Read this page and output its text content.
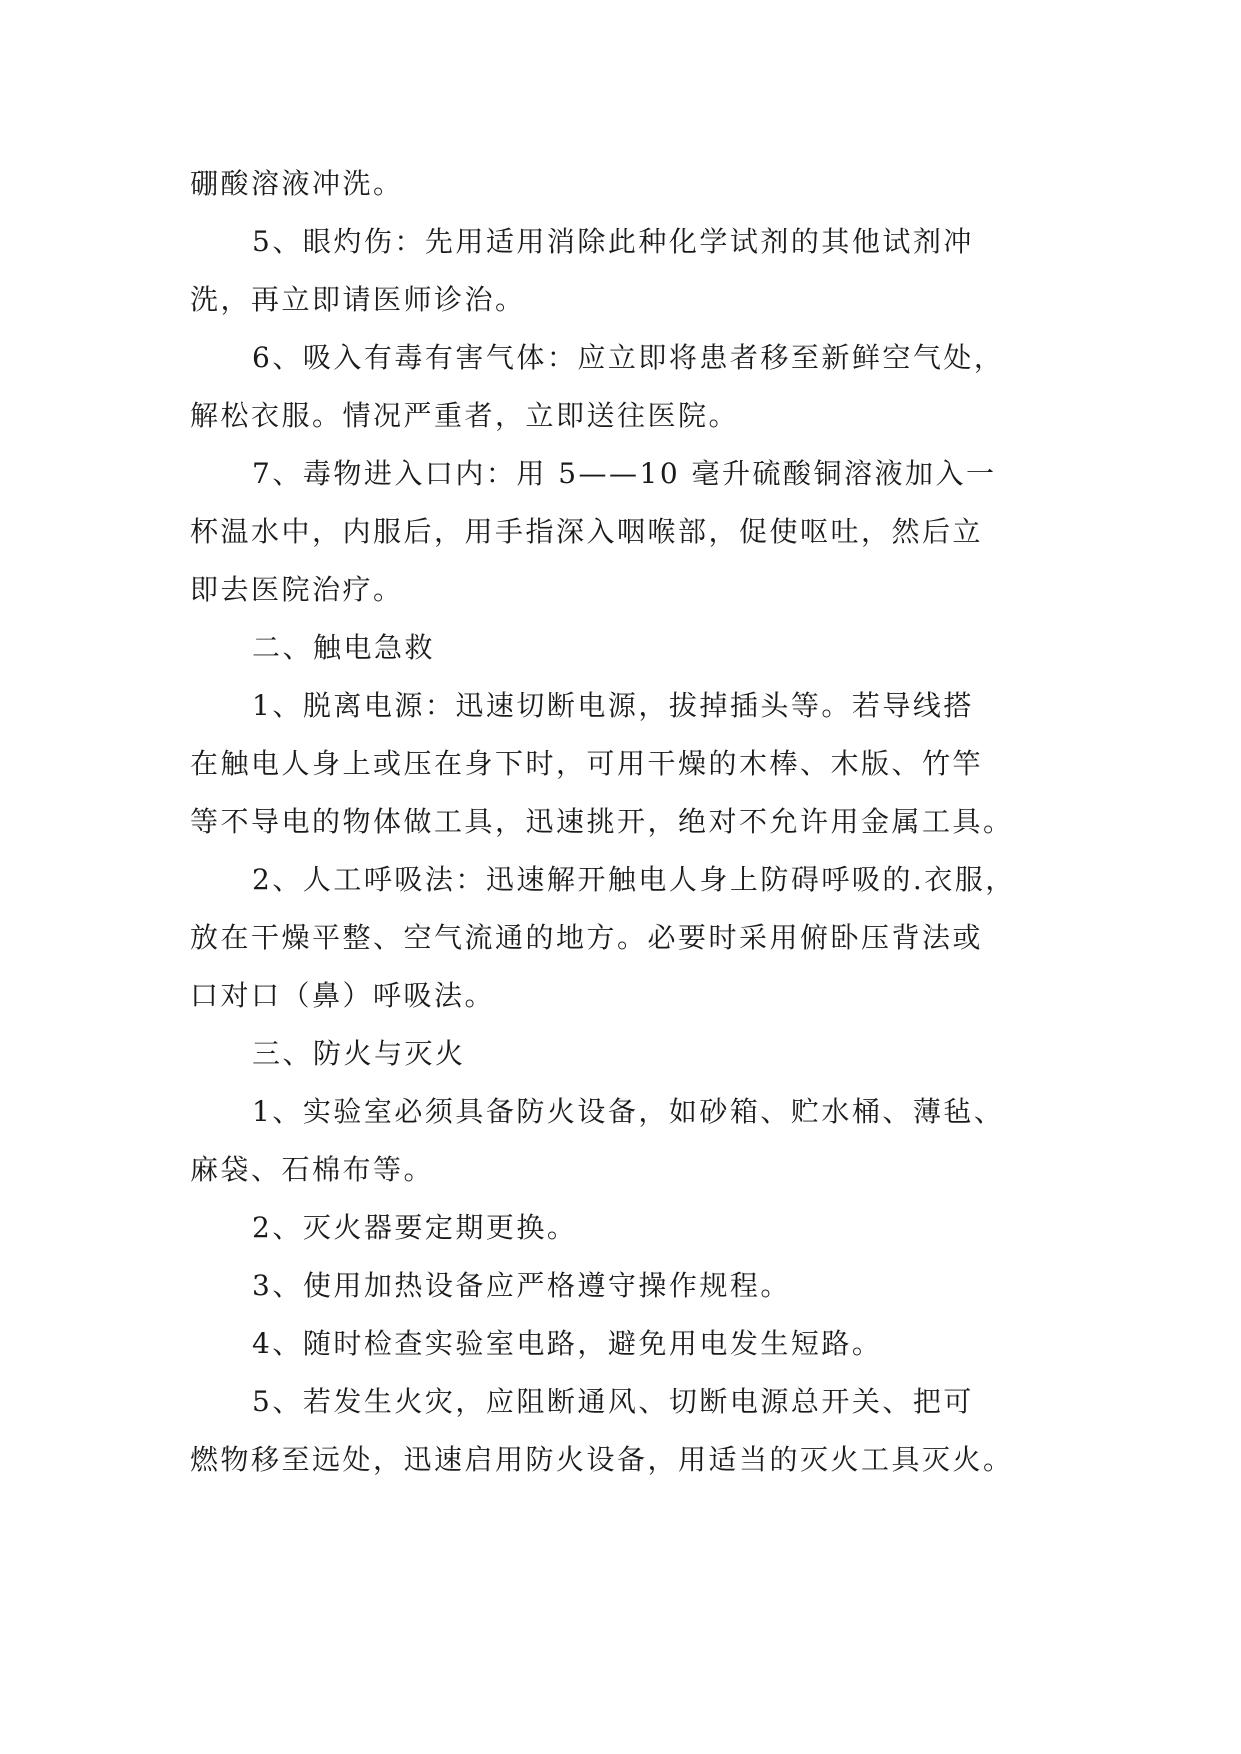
硼酸溶液冲洗。
5、眼灼伤：先用适用消除此种化学试剂的其他试剂冲
洗，再立即请医师诊治。
6、吸入有毒有害气体：应立即将患者移至新鲜空气处，
解松衣服。情况严重者，立即送往医院。
7、毒物进入口内：用 5——10 毫升硫酸铜溶液加入一
杯温水中，内服后，用手指深入咽喉部，促使呕吐，然后立
即去医院治疗。
二、触电急救
1、脱离电源：迅速切断电源，拔掉插头等。若导线搭
在触电人身上或压在身下时，可用干燥的木棒、木版、竹竿
等不导电的物体做工具，迅速挑开，绝对不允许用金属工具。
2、人工呼吸法：迅速解开触电人身上防碍呼吸的.衣服，
放在干燥平整、空气流通的地方。必要时采用俯卧压背法或
口对口（鼻）呼吸法。
三、防火与灭火
1、实验室必须具备防火设备，如砂箱、贮水桶、薄毡、
麻袋、石棉布等。
2、灭火器要定期更换。
3、使用加热设备应严格遵守操作规程。
4、随时检查实验室电路，避免用电发生短路。
5、若发生火灾，应阻断通风、切断电源总开关、把可
燃物移至远处，迅速启用防火设备，用适当的灭火工具灭火。
